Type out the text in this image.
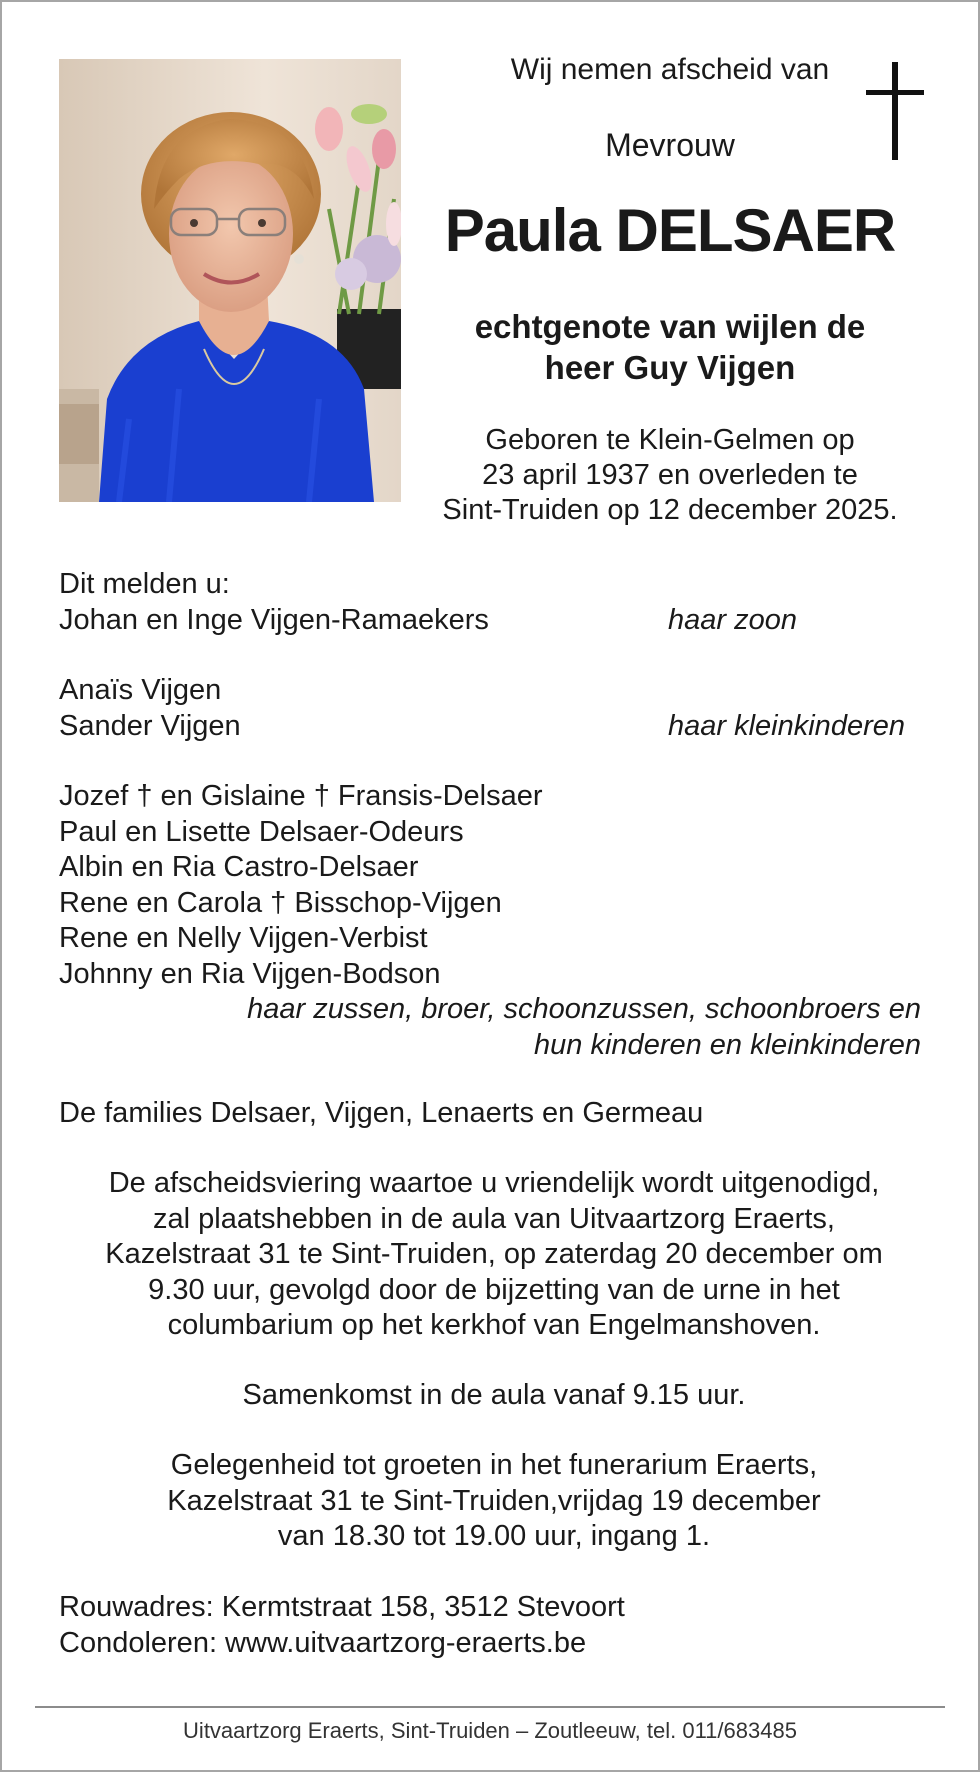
Wij nemen afscheid van
Mevrouw
Paula DELSAER
echtgenote van wijlen de
heer Guy Vijgen
Geboren te Klein-Gelmen op
23 april 1937 en overleden te
Sint-Truiden op 12 december 2025.
Dit melden u:
Johan en Inge Vijgen-Ramaekers	haar zoon
Anaïs Vijgen
Sander Vijgen	haar kleinkinderen
Jozef † en Gislaine † Fransis-Delsaer
Paul en Lisette Delsaer-Odeurs
Albin en Ria Castro-Delsaer
Rene en Carola † Bisschop-Vijgen
Rene en Nelly Vijgen-Verbist
Johnny en Ria Vijgen-Bodson
haar zussen, broer, schoonzussen, schoonbroers en
hun kinderen en kleinkinderen
De families Delsaer, Vijgen, Lenaerts en Germeau
De afscheidsviering waartoe u vriendelijk wordt uitgenodigd,
zal plaatshebben in de aula van Uitvaartzorg Eraerts,
Kazelstraat 31 te Sint-Truiden, op zaterdag 20 december om
9.30 uur, gevolgd door de bijzetting van de urne in het
columbarium op het kerkhof van Engelmanshoven.
Samenkomst in de aula vanaf 9.15 uur.
Gelegenheid tot groeten in het funerarium Eraerts,
Kazelstraat 31 te Sint-Truiden,vrijdag 19 december
van 18.30 tot 19.00 uur, ingang 1.
Rouwadres: Kermtstraat 158, 3512 Stevoort
Condoleren: www.uitvaartzorg-eraerts.be
Uitvaartzorg Eraerts, Sint-Truiden – Zoutleeuw, tel. 011/683485
